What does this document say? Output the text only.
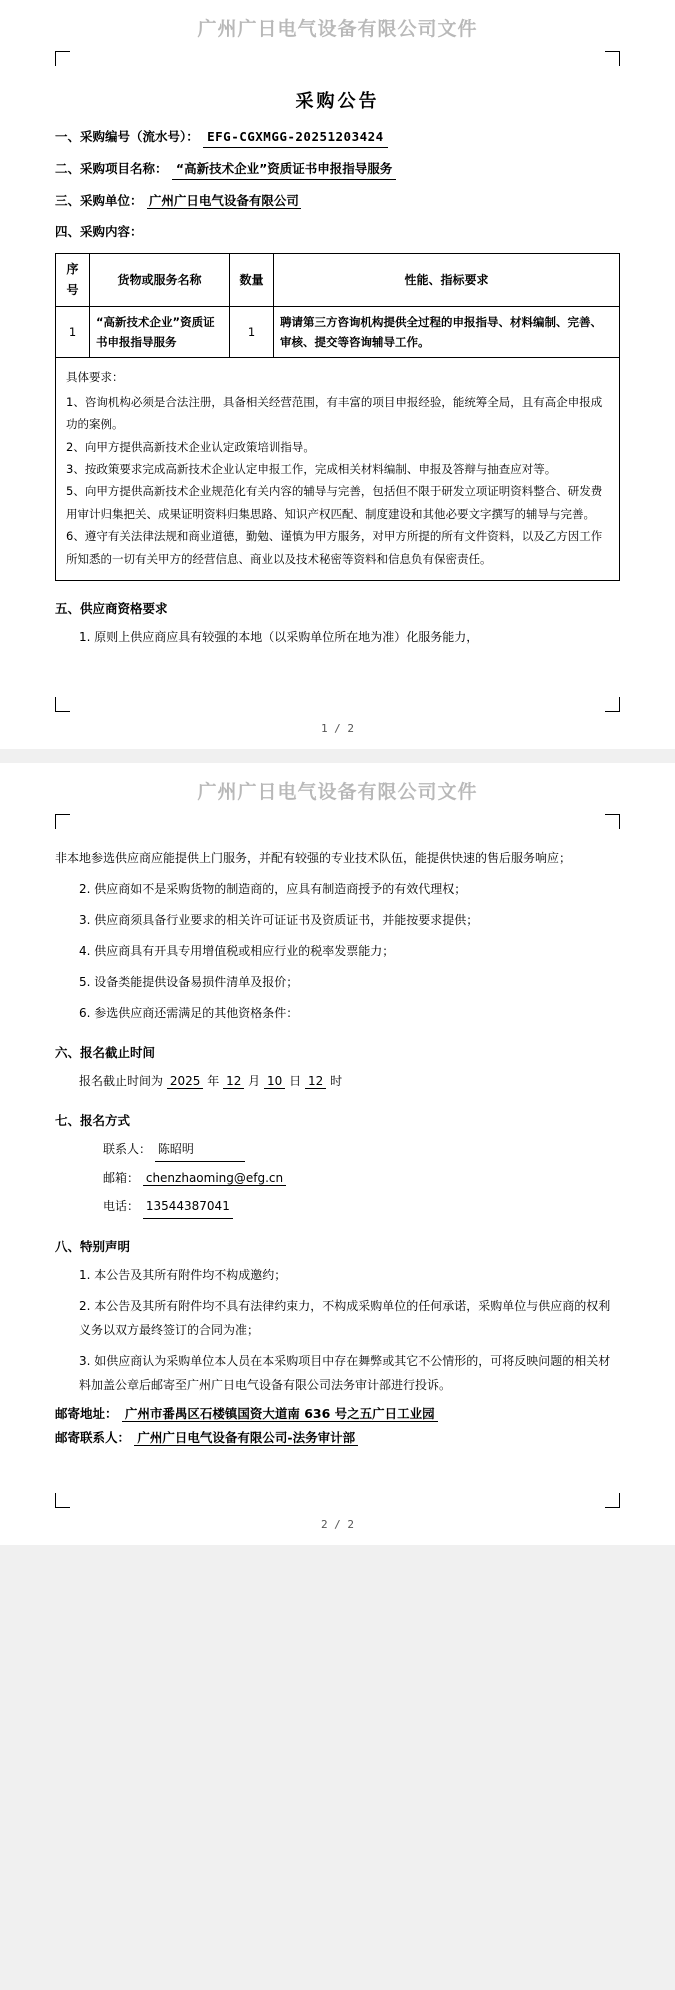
广州广日电气设备有限公司文件
采购公告
一、采购编号（流水号）： EFG-CGXMGG-20251203424
二、采购项目名称： “高新技术企业”资质证书申报指导服务
三、采购单位： 广州广日电气设备有限公司
四、采购内容：
序号	货物或服务名称	数量	性能、指标要求
1	“高新技术企业”资质证书申报指导服务	1	聘请第三方咨询机构提供全过程的申报指导、材料编制、完善、审核、提交等咨询辅导工作。

具体要求：

1、咨询机构必须是合法注册，具备相关经营范围，有丰富的项目申报经验，能统筹全局，且有高企申报成功的案例。

2、向甲方提供高新技术企业认定政策培训指导。

3、按政策要求完成高新技术企业认定申报工作，完成相关材料编制、申报及答辩与抽查应对等。

5、向甲方提供高新技术企业规范化有关内容的辅导与完善，包括但不限于研发立项证明资料整合、研发费用审计归集把关、成果证明资料归集思路、知识产权匹配、制度建设和其他必要文字撰写的辅导与完善。

6、遵守有关法律法规和商业道德，勤勉、谨慎为甲方服务，对甲方所提的所有文件资料，以及乙方因工作所知悉的一切有关甲方的经营信息、商业以及技术秘密等资料和信息负有保密责任。

五、供应商资格要求
1. 原则上供应商应具有较强的本地（以采购单位所在地为准）化服务能力，
1 / 2
广州广日电气设备有限公司文件
非本地参选供应商应能提供上门服务，并配有较强的专业技术队伍，能提供快速的售后服务响应；
2. 供应商如不是采购货物的制造商的，应具有制造商授予的有效代理权；
3. 供应商须具备行业要求的相关许可证证书及资质证书，并能按要求提供；
4. 供应商具有开具专用增值税或相应行业的税率发票能力；
5. 设备类能提供设备易损件清单及报价；
6. 参选供应商还需满足的其他资格条件：
六、报名截止时间
报名截止时间为 2025 年 12 月 10 日 12 时
七、报名方式
联系人： 陈昭明
邮箱： chenzhaoming@efg.cn
电话： 13544387041
八、特别声明
1. 本公告及其所有附件均不构成邀约；
2. 本公告及其所有附件均不具有法律约束力，不构成采购单位的任何承诺，采购单位与供应商的权利义务以双方最终签订的合同为准；
3. 如供应商认为采购单位本人员在本采购项目中存在舞弊或其它不公情形的，可将反映问题的相关材料加盖公章后邮寄至广州广日电气设备有限公司法务审计部进行投诉。
邮寄地址： 广州市番禺区石楼镇国资大道南 636 号之五广日工业园
邮寄联系人： 广州广日电气设备有限公司-法务审计部
2 / 2
